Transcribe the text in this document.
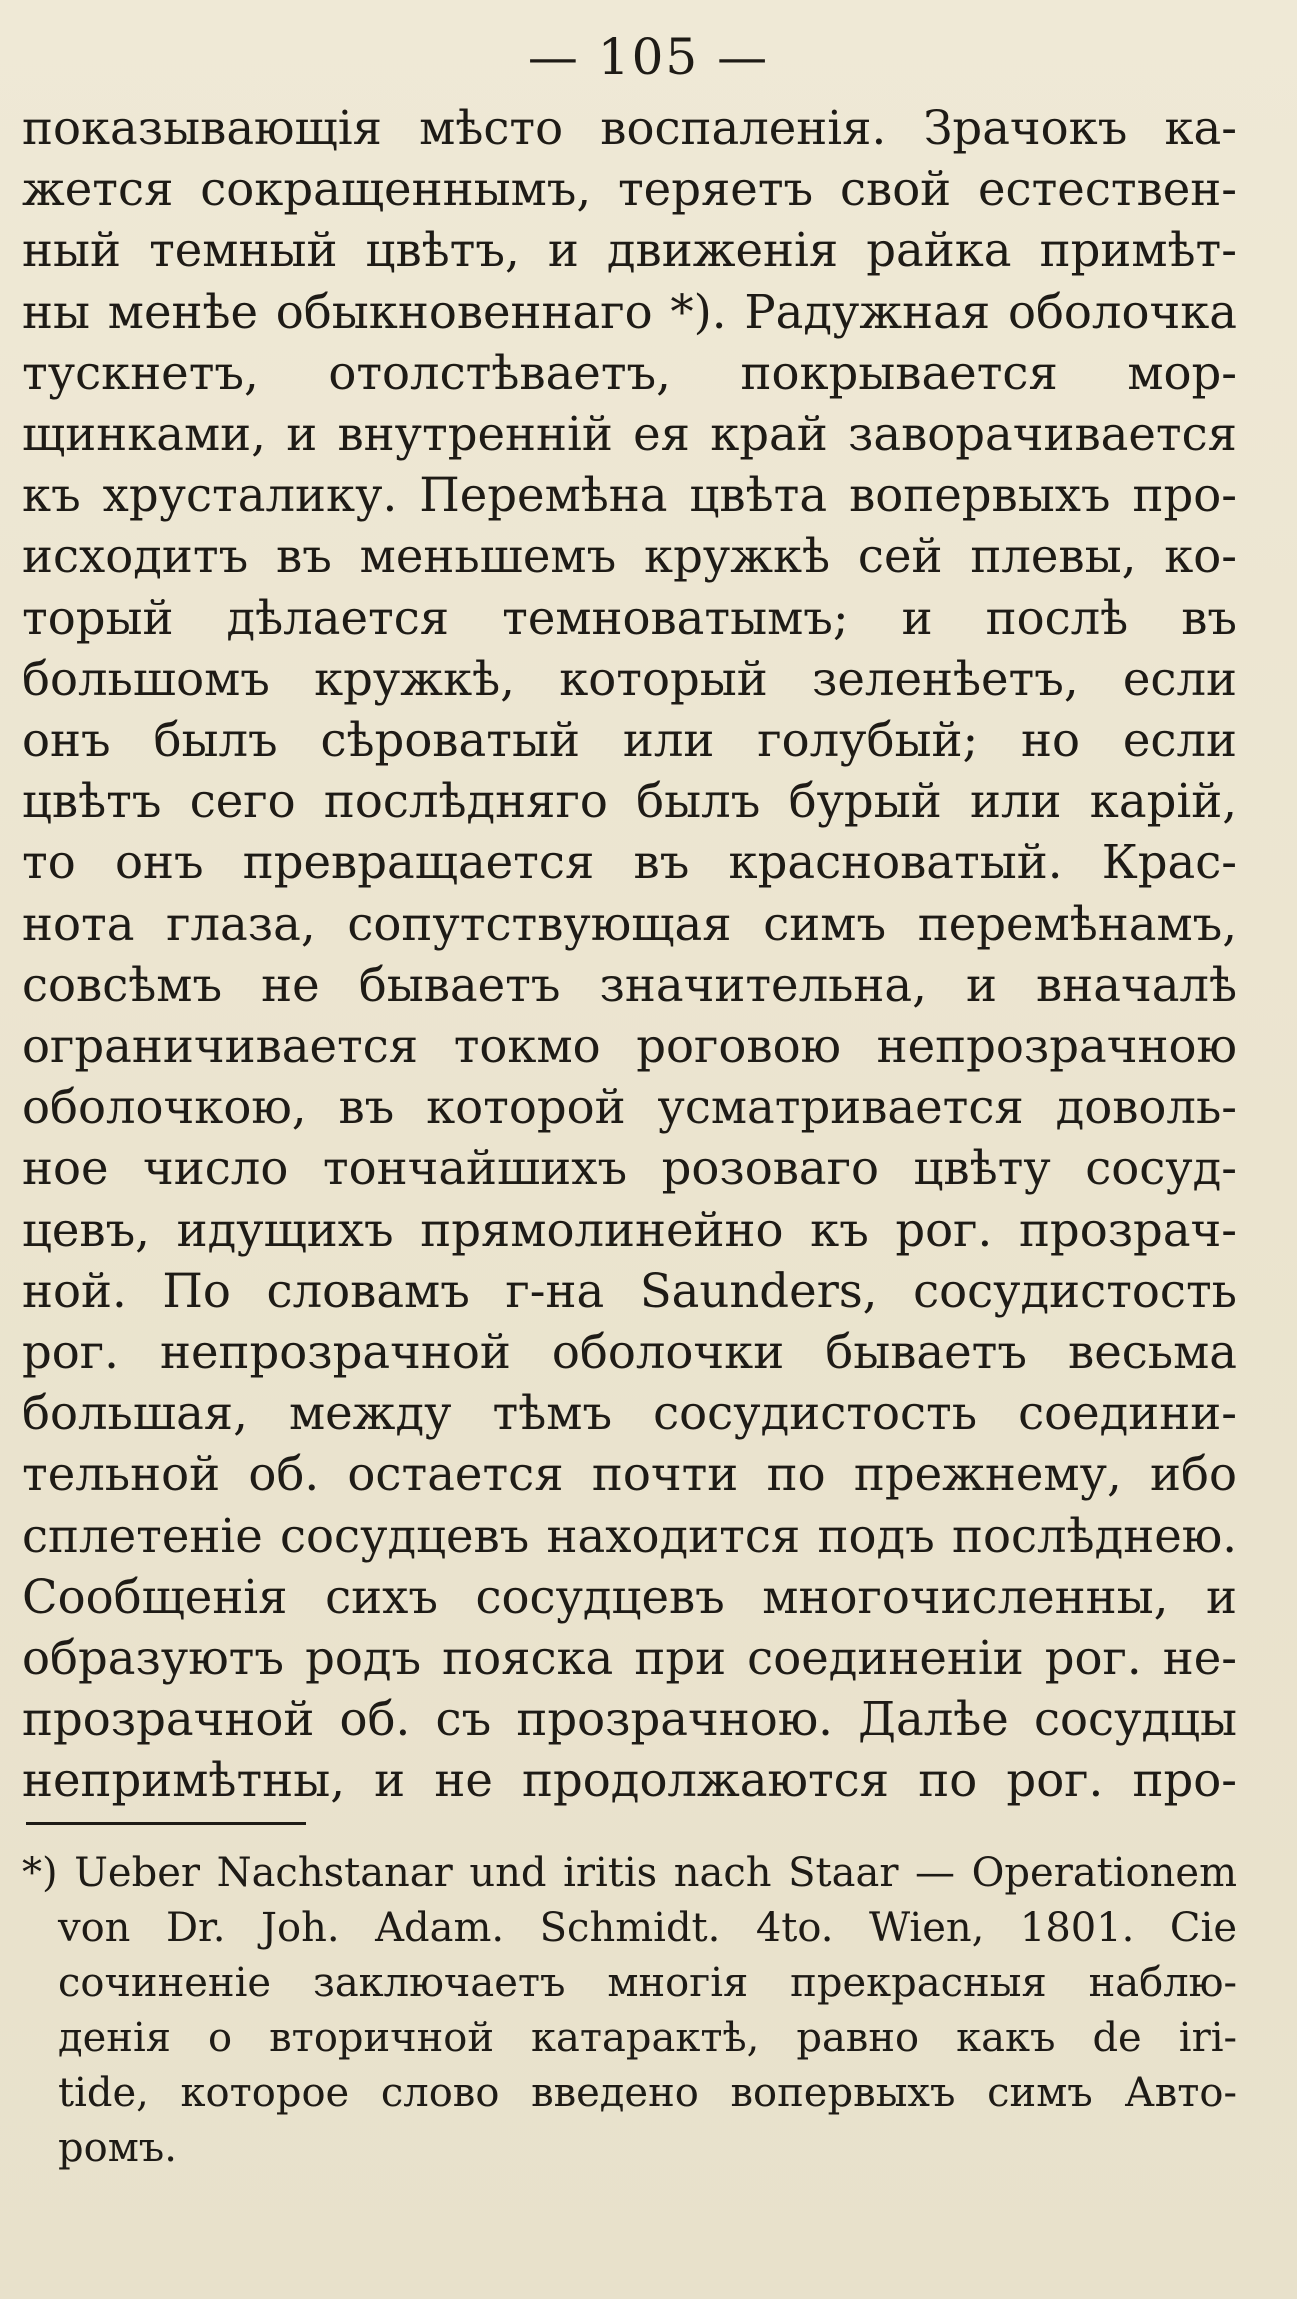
— 105 —
показывающія мѣсто воспаленія. Зрачокъ ка-
жется сокращеннымъ, теряетъ свой естествен-
ный темный цвѣтъ, и движенія райка примѣт-
ны менѣе обыкновеннаго *). Радужная оболочка
тускнетъ, отолстѣваетъ, покрывается мор-
щинками, и внутренній ея край заворачивается
къ хрусталику. Перемѣна цвѣта вопервыхъ про-
исходитъ въ меньшемъ кружкѣ сей плевы, ко-
торый дѣлается темноватымъ; и послѣ въ
большомъ кружкѣ, который зеленѣетъ, если
онъ былъ сѣроватый или голубый; но если
цвѣтъ сего послѣдняго былъ бурый или карій,
то онъ превращается въ красноватый. Крас-
нота глаза, сопутствующая симъ перемѣнамъ,
совсѣмъ не бываетъ значительна, и вначалѣ
ограничивается токмо роговою непрозрачною
оболочкою, въ которой усматривается доволь-
ное число тончайшихъ розоваго цвѣту сосуд-
цевъ, идущихъ прямолинейно къ рог. прозрач-
ной. По словамъ г-на Saunders, сосудистость
рог. непрозрачной оболочки бываетъ весьма
большая, между тѣмъ сосудистость соедини-
тельной об. остается почти по прежнему, ибо
сплетеніе сосудцевъ находится подъ послѣднею.
Сообщенія сихъ сосудцевъ многочисленны, и
образуютъ родъ пояска при соединеніи рог. не-
прозрачной об. съ прозрачною. Далѣе сосудцы
непримѣтны, и не продолжаются по рог. про-
*) Ueber Nachstanar und iritis nach Staar — Operationem
von Dr. Joh. Adam. Schmidt. 4to. Wien, 1801. Сіе
сочиненіе заключаетъ многія прекрасныя наблю-
денія о вторичной катарактѣ, равно какъ de iri-
tide, которое слово введено вопервыхъ симъ Авто-
ромъ.
